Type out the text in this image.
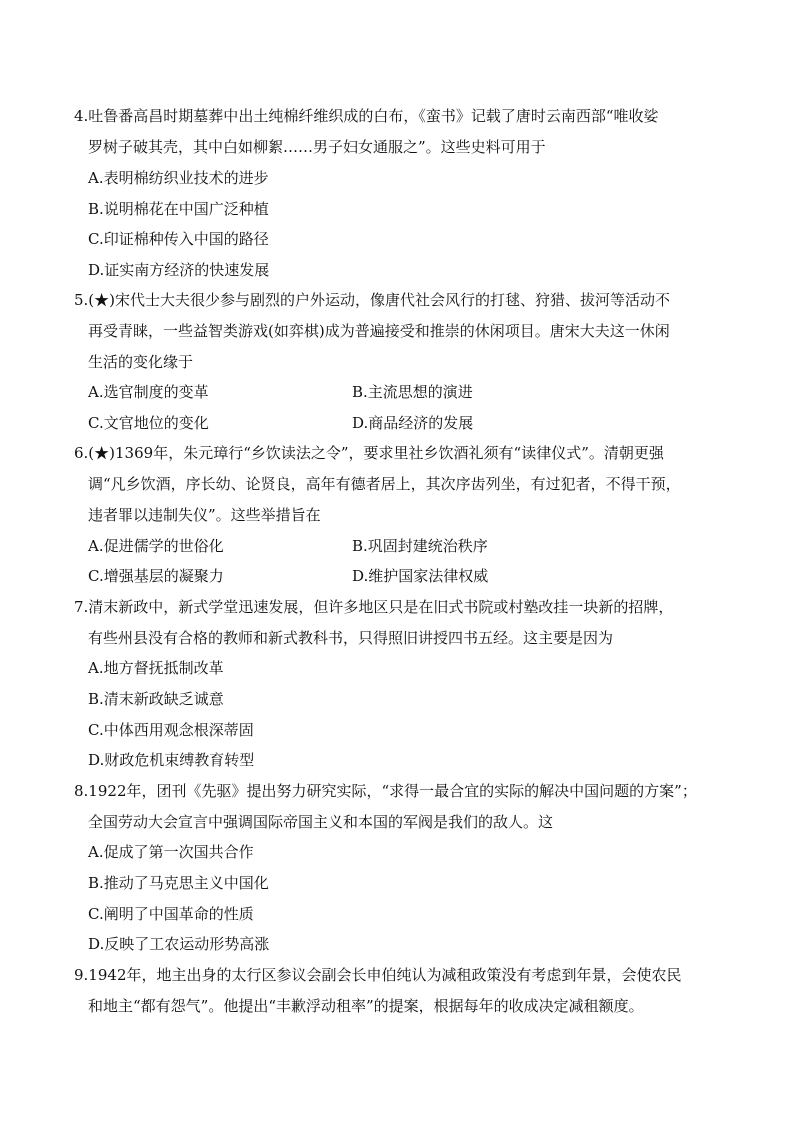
4.吐鲁番高昌时期墓葬中出土纯棉纤维织成的白布，《蛮书》记载了唐时云南西部“唯收娑
罗树子破其壳，其中白如柳絮……男子妇女通服之”。这些史料可用于
A.表明棉纺织业技术的进步
B.说明棉花在中国广泛种植
C.印证棉种传入中国的路径
D.证实南方经济的快速发展
5.(★)宋代士大夫很少参与剧烈的户外运动，像唐代社会风行的打毬、狩猎、拔河等活动不
再受青睐，一些益智类游戏(如弈棋)成为普遍接受和推崇的休闲项目。唐宋大夫这一休闲
生活的变化缘于
A.选官制度的变革	B.主流思想的演进
C.文官地位的变化	D.商品经济的发展
6.(★)1369年，朱元璋行“乡饮读法之令”，要求里社乡饮酒礼须有“读律仪式”。清朝更强
调“凡乡饮酒，序长幼、论贤良，高年有德者居上，其次序齿列坐，有过犯者，不得干预，
违者罪以违制失仪”。这些举措旨在
A.促进儒学的世俗化	B.巩固封建统治秩序
C.增强基层的凝聚力	D.维护国家法律权威
7.清末新政中，新式学堂迅速发展，但许多地区只是在旧式书院或村塾改挂一块新的招牌，
有些州县没有合格的教师和新式教科书，只得照旧讲授四书五经。这主要是因为
A.地方督抚抵制改革
B.清末新政缺乏诚意
C.中体西用观念根深蒂固
D.财政危机束缚教育转型
8.1922年，团刊《先驱》提出努力研究实际，“求得一最合宜的实际的解决中国问题的方案”；
全国劳动大会宣言中强调国际帝国主义和本国的军阀是我们的敌人。这
A.促成了第一次国共合作
B.推动了马克思主义中国化
C.阐明了中国革命的性质
D.反映了工农运动形势高涨
9.1942年，地主出身的太行区参议会副会长申伯纯认为减租政策没有考虑到年景，会使农民
和地主“都有怨气”。他提出“丰歉浮动租率”的提案，根据每年的收成决定减租额度。
